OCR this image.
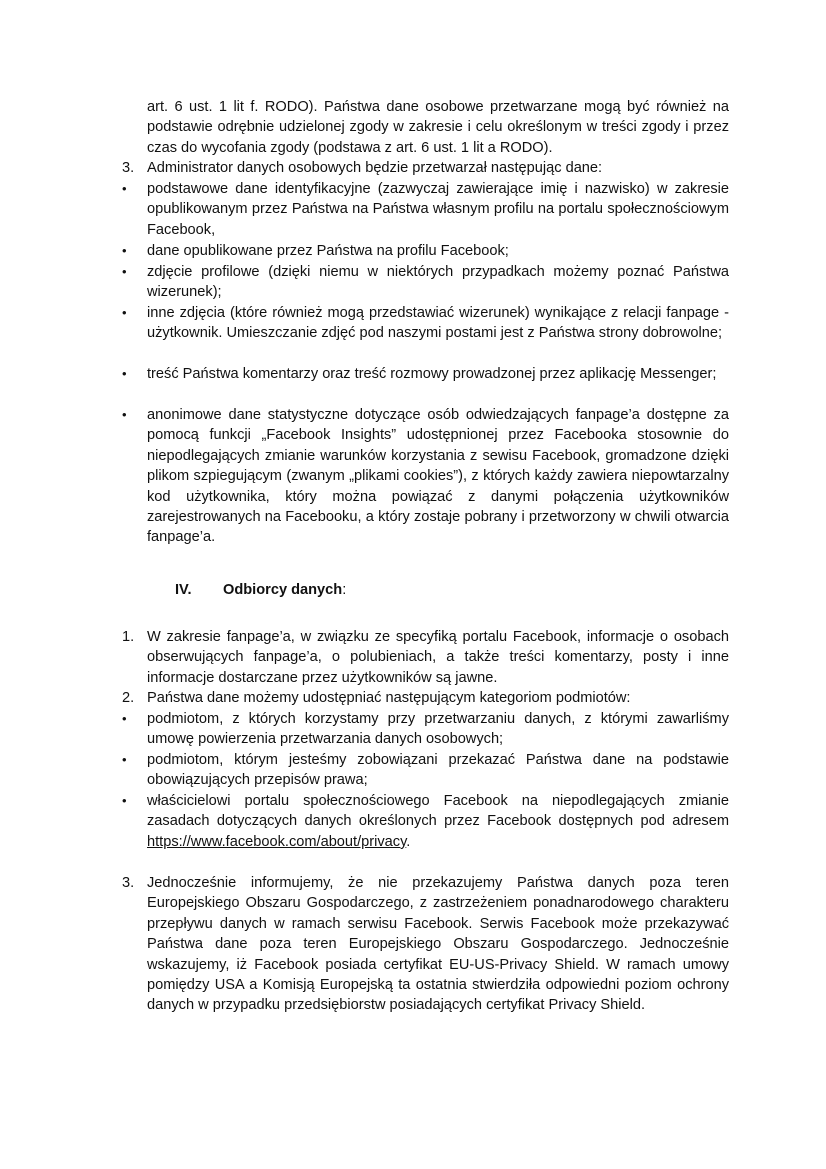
art. 6 ust. 1 lit f. RODO). Państwa dane osobowe przetwarzane mogą być również na podstawie odrębnie udzielonej zgody w zakresie i celu określonym w treści zgody i przez czas do wycofania zgody (podstawa z art. 6 ust. 1 lit a RODO).
3. Administrator danych osobowych będzie przetwarzał następując dane:
•	podstawowe dane identyfikacyjne (zazwyczaj zawierające imię i nazwisko) w zakresie opublikowanym przez Państwa na Państwa własnym profilu na portalu społecznościowym Facebook,
•	dane opublikowane przez Państwa na profilu Facebook;
•	zdjęcie profilowe (dzięki niemu w niektórych przypadkach możemy poznać Państwa wizerunek);
•	inne zdjęcia (które również mogą przedstawiać wizerunek) wynikające z relacji fanpage - użytkownik. Umieszczanie zdjęć pod naszymi postami jest z Państwa strony dobrowolne;
•	treść Państwa komentarzy oraz treść rozmowy prowadzonej przez aplikację Messenger;
•	anonimowe dane statystyczne dotyczące osób odwiedzających fanpage’a dostępne za pomocą funkcji „Facebook Insights” udostępnionej przez Facebooka stosownie do niepodlegających zmianie warunków korzystania z sewisu Facebook, gromadzone dzięki plikom szpiegującym (zwanym „plikami cookies”), z których każdy zawiera niepowtarzalny kod użytkownika, który można powiązać z danymi połączenia użytkowników zarejestrowanych na Facebooku, a który zostaje pobrany i przetworzony w chwili otwarcia fanpage’a.
IV. Odbiorcy danych:
1. W zakresie fanpage’a, w związku ze specyfiką portalu Facebook, informacje o osobach obserwujących fanpage’a, o polubieniach, a także treści komentarzy, posty i inne informacje dostarczane przez użytkowników są jawne.
2. Państwa dane możemy udostępniać następującym kategoriom podmiotów:
•	podmiotom, z których korzystamy przy przetwarzaniu danych, z którymi zawarliśmy umowę powierzenia przetwarzania danych osobowych;
•	podmiotom, którym jesteśmy zobowiązani przekazać Państwa dane na podstawie obowiązujących przepisów prawa;
•	właścicielowi portalu społecznościowego Facebook na niepodlegających zmianie zasadach dotyczących danych określonych przez Facebook dostępnych pod adresem https://www.facebook.com/about/privacy.
3. Jednocześnie informujemy, że nie przekazujemy Państwa danych poza teren Europejskiego Obszaru Gospodarczego, z zastrzeżeniem ponadnarodowego charakteru przepływu danych w ramach serwisu Facebook. Serwis Facebook może przekazywać Państwa dane poza teren Europejskiego Obszaru Gospodarczego. Jednocześnie wskazujemy, iż Facebook posiada certyfikat EU-US-Privacy Shield. W ramach umowy pomiędzy USA a Komisją Europejską ta ostatnia stwierdziła odpowiedni poziom ochrony danych w przypadku przedsiębiorstw posiadających certyfikat Privacy Shield.
